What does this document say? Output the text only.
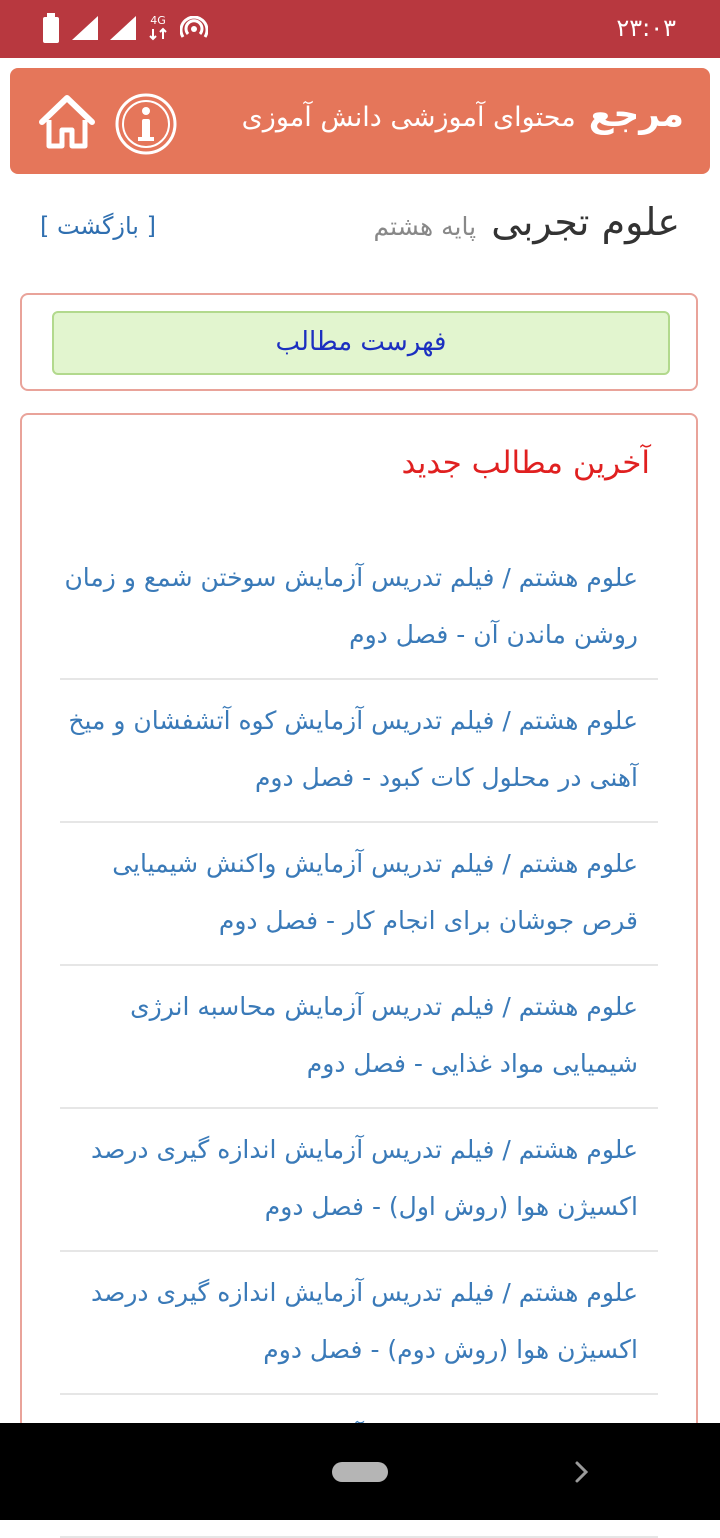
4G	۲۳:۰۳
مرجع محتوای آموزشی دانش آموزی
علوم تجربی پایه هشتم
[ بازگشت ]
فهرست مطالب
آخرین مطالب جدید
علوم هشتم / فیلم تدریس آزمایش سوختن شمع و زمان روشن ماندن آن - فصل دوم
علوم هشتم / فیلم تدریس آزمایش کوه آتشفشان و میخ آهنی در محلول کات کبود - فصل دوم
علوم هشتم / فیلم تدریس آزمایش واکنش شیمیایی قرص جوشان برای انجام کار - فصل دوم
علوم هشتم / فیلم تدریس آزمایش محاسبه انرژی شیمیایی مواد غذایی - فصل دوم
علوم هشتم / فیلم تدریس آزمایش اندازه گیری درصد اکسیژن هوا (روش اول) - فصل دوم
علوم هشتم / فیلم تدریس آزمایش اندازه گیری درصد اکسیژن هوا (روش دوم) - فصل دوم
